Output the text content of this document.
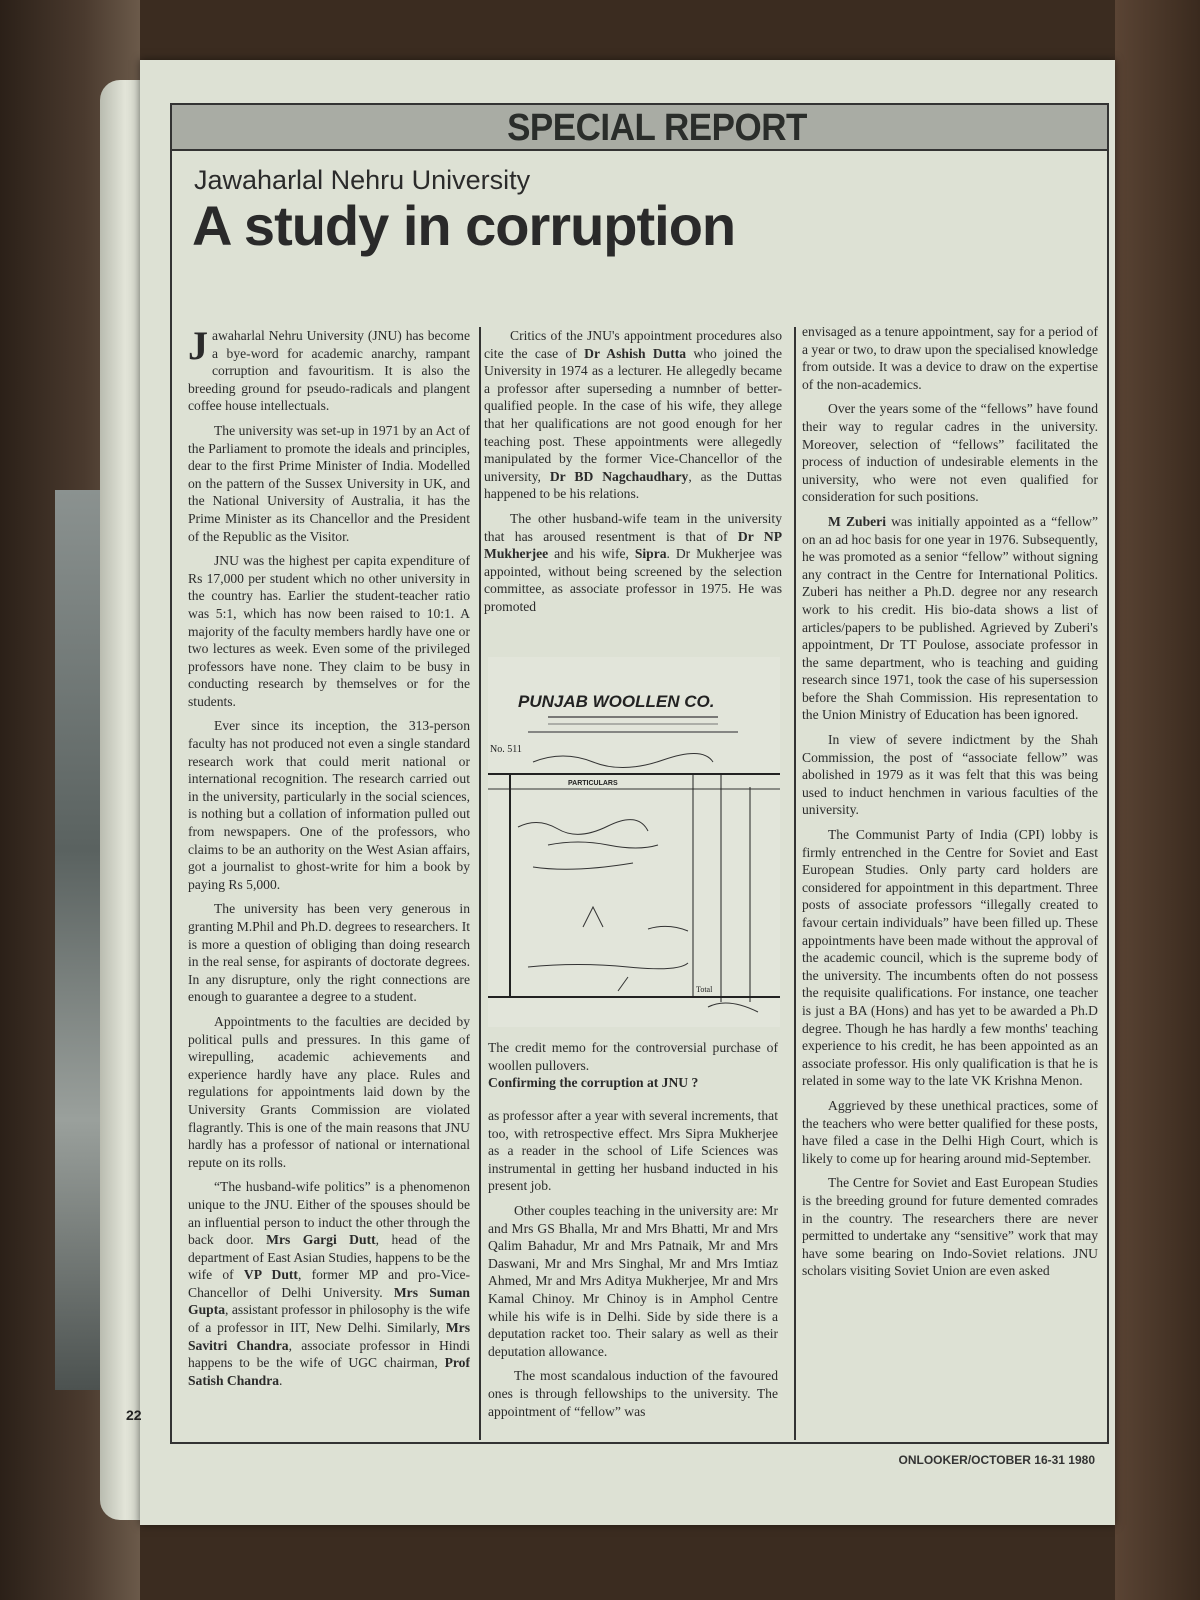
SPECIAL REPORT
Jawaharlal Nehru University
A study in corruption

Jawaharlal Nehru University (JNU) has become a bye-word for academic anarchy, rampant corruption and favouritism. It is also the breeding ground for pseudo-radicals and plangent coffee house intellectuals.

The university was set-up in 1971 by an Act of the Parliament to promote the ideals and principles, dear to the first Prime Minister of India. Modelled on the pattern of the Sussex University in UK, and the National University of Australia, it has the Prime Minister as its Chancellor and the President of the Republic as the Visitor.

JNU was the highest per capita expenditure of Rs 17,000 per student which no other university in the country has. Earlier the student-teacher ratio was 5:1, which has now been raised to 10:1. A majority of the faculty members hardly have one or two lectures as week. Even some of the privileged professors have none. They claim to be busy in conducting research by themselves or for the students.

Ever since its inception, the 313-person faculty has not produced not even a single standard research work that could merit national or international recognition. The research carried out in the university, particularly in the social sciences, is nothing but a collation of information pulled out from newspapers. One of the professors, who claims to be an authority on the West Asian affairs, got a journalist to ghost-write for him a book by paying Rs 5,000.

The university has been very generous in granting M.Phil and Ph.D. degrees to researchers. It is more a question of obliging than doing research in the real sense, for aspirants of doctorate degrees. In any disrupture, only the right connections are enough to guarantee a degree to a student.

Appointments to the faculties are decided by political pulls and pressures. In this game of wirepulling, academic achievements and experience hardly have any place. Rules and regulations for appointments laid down by the University Grants Commission are violated flagrantly. This is one of the main reasons that JNU hardly has a professor of national or international repute on its rolls.

“The husband-wife politics” is a phenomenon unique to the JNU. Either of the spouses should be an influential person to induct the other through the back door. Mrs Gargi Dutt, head of the department of East Asian Studies, happens to be the wife of VP Dutt, former MP and pro-Vice-Chancellor of Delhi University. Mrs Suman Gupta, assistant professor in philosophy is the wife of a professor in IIT, New Delhi. Similarly, Mrs Savitri Chandra, associate professor in Hindi happens to be the wife of UGC chairman, Prof Satish Chandra.

Critics of the JNU's appointment procedures also cite the case of Dr Ashish Dutta who joined the University in 1974 as a lecturer. He allegedly became a professor after superseding a numnber of better-qualified people. In the case of his wife, they allege that her qualifications are not good enough for her teaching post. These appointments were allegedly manipulated by the former Vice-Chancellor of the university, Dr BD Nagchaudhary, as the Duttas happened to be his relations.

The other husband-wife team in the university that has aroused resentment is that of Dr NP Mukherjee and his wife, Sipra. Dr Mukherjee was appointed, without being screened by the selection committee, as associate professor in 1975. He was promoted

PUNJAB WOOLLEN CO.
No. 511
PARTICULARS
Total
The credit memo for the controversial purchase of woollen pullovers.
Confirming the corruption at JNU ?

as professor after a year with several increments, that too, with retrospective effect. Mrs Sipra Mukherjee as a reader in the school of Life Sciences was instrumental in getting her husband inducted in his present job.

Other couples teaching in the university are: Mr and Mrs GS Bhalla, Mr and Mrs Bhatti, Mr and Mrs Qalim Bahadur, Mr and Mrs Patnaik, Mr and Mrs Daswani, Mr and Mrs Singhal, Mr and Mrs Imtiaz Ahmed, Mr and Mrs Aditya Mukherjee, Mr and Mrs Kamal Chinoy. Mr Chinoy is in Amphol Centre while his wife is in Delhi. Side by side there is a deputation racket too. Their salary as well as their deputation allowance.

The most scandalous induction of the favoured ones is through fellowships to the university. The appointment of “fellow” was

envisaged as a tenure appointment, say for a period of a year or two, to draw upon the specialised knowledge from outside. It was a device to draw on the expertise of the non-academics.

Over the years some of the “fellows” have found their way to regular cadres in the university. Moreover, selection of “fellows” facilitated the process of induction of undesirable elements in the university, who were not even qualified for consideration for such positions.

M Zuberi was initially appointed as a “fellow” on an ad hoc basis for one year in 1976. Subsequently, he was promoted as a senior “fellow” without signing any contract in the Centre for International Politics. Zuberi has neither a Ph.D. degree nor any research work to his credit. His bio-data shows a list of articles/papers to be published. Agrieved by Zuberi's appointment, Dr TT Poulose, associate professor in the same department, who is teaching and guiding research since 1971, took the case of his supersession before the Shah Commission. His representation to the Union Ministry of Education has been ignored.

In view of severe indictment by the Shah Commission, the post of “associate fellow” was abolished in 1979 as it was felt that this was being used to induct henchmen in various faculties of the university.

The Communist Party of India (CPI) lobby is firmly entrenched in the Centre for Soviet and East European Studies. Only party card holders are considered for appointment in this department. Three posts of associate professors “illegally created to favour certain individuals” have been filled up. These appointments have been made without the approval of the academic council, which is the supreme body of the university. The incumbents often do not possess the requisite qualifications. For instance, one teacher is just a BA (Hons) and has yet to be awarded a Ph.D degree. Though he has hardly a few months' teaching experience to his credit, he has been appointed as an associate professor. His only qualification is that he is related in some way to the late VK Krishna Menon.

Aggrieved by these unethical practices, some of the teachers who were better qualified for these posts, have filed a case in the Delhi High Court, which is likely to come up for hearing around mid-September.

The Centre for Soviet and East European Studies is the breeding ground for future demented comrades in the country. The researchers there are never permitted to undertake any “sensitive” work that may have some bearing on Indo-Soviet relations. JNU scholars visiting Soviet Union are even asked

22
ONLOOKER/OCTOBER 16-31 1980
